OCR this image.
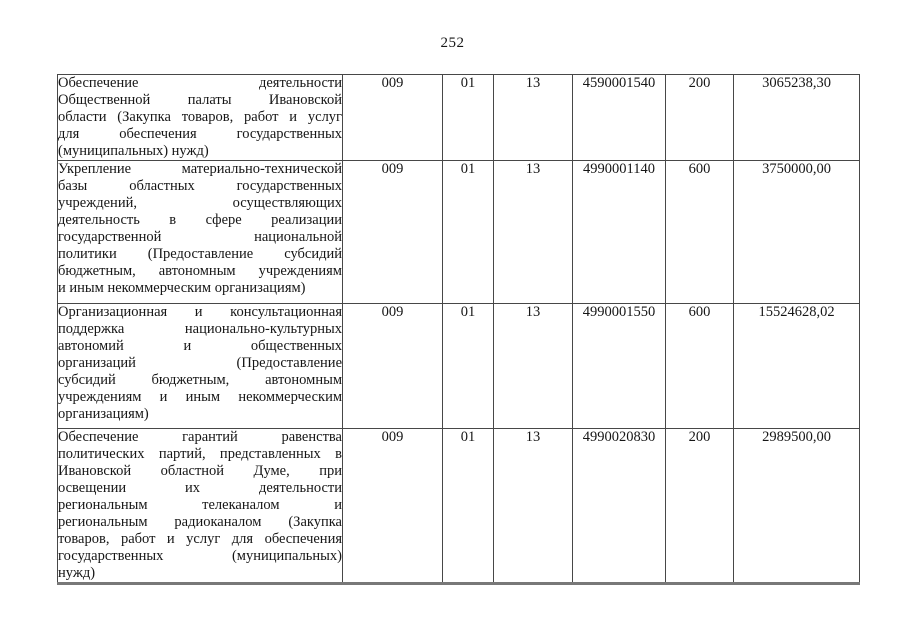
252
Обеспечение деятельности
Общественной палаты Ивановской
области (Закупка товаров, работ и услуг
для обеспечения государственных
(муниципальных) нужд)	009	01	13	4590001540	200	3065238,30

Укрепление материально-технической
базы областных государственных
учреждений, осуществляющих
деятельность в сфере реализации
государственной национальной
политики (Предоставление субсидий
бюджетным, автономным учреждениям
и иным некоммерческим организациям)
	009	01	13	4990001140	600	3750000,00

Организационная и консультационная
поддержка национально-культурных
автономий и общественных
организаций (Предоставление
субсидий бюджетным, автономным
учреждениям и иным некоммерческим
организациям)
	009	01	13	4990001550	600	15524628,02

Обеспечение гарантий равенства
политических партий, представленных в
Ивановской областной Думе, при
освещении их деятельности
региональным телеканалом и
региональным радиоканалом (Закупка
товаров, работ и услуг для обеспечения
государственных (муниципальных)
нужд)
	009	01	13	4990020830	200	2989500,00
